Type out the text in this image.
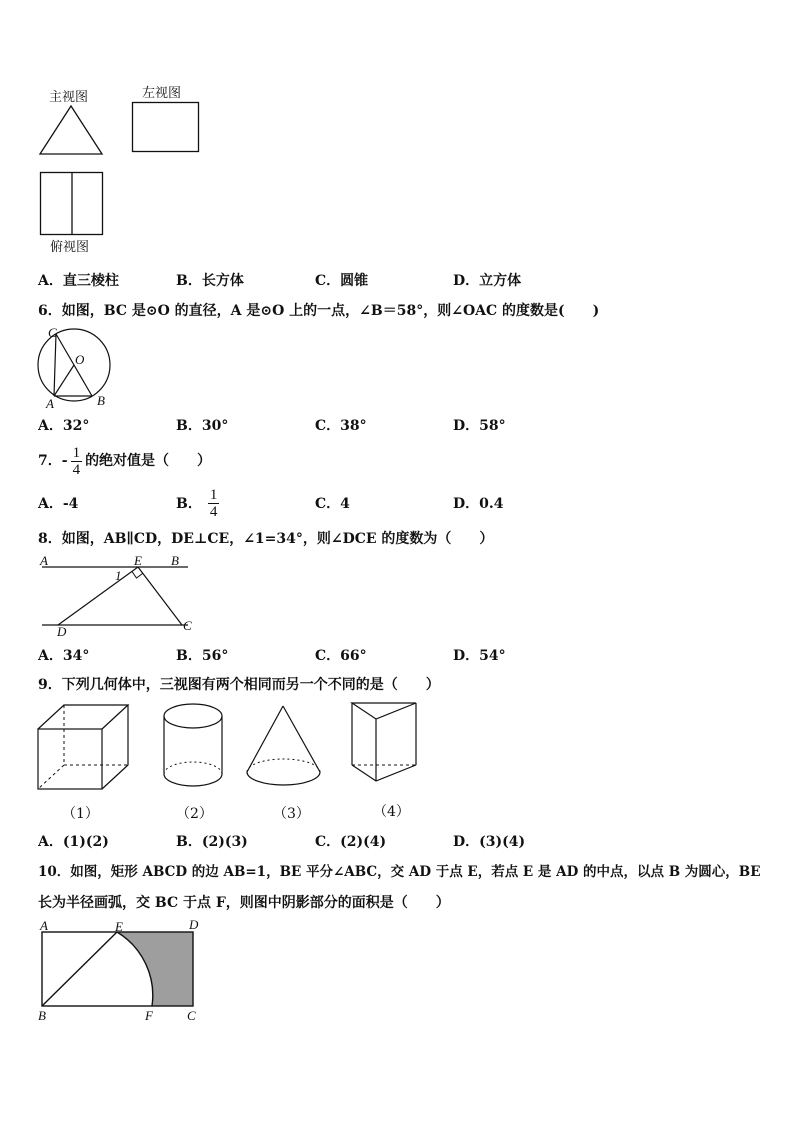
主视图	左视图
俯视图
A．直三棱柱	B．长方体	C．圆锥	D．立方体
6．如图，BC 是⊙O 的直径，A 是⊙O 上的一点，∠B＝58°，则∠OAC 的度数是(　　)
C
O
A	B
A．32°	B．30°	C．38°	D．58°
7．- $\frac{1}{4}$ 的绝对值是（　　）
A．-4	B． $\frac{1}{4}$	C．4	D．0.4
8．如图，AB∥CD，DE⊥CE，∠1=34°，则∠DCE 的度数为（　　）
A	E B
1
D	C
A．34°	B．56°	C．66°	D．54°
9．下列几何体中，三视图有两个相同而另一个不同的是（　　）
（1）	（2）	（3）	（4）
A．(1)(2)	B．(2)(3)	C．(2)(4)	D．(3)(4)
10．如图，矩形 ABCD 的边 AB=1，BE 平分∠ABC，交 AD 于点 E，若点 E 是 AD 的中点，以点 B 为圆心，BE
长为半径画弧，交 BC 于点 F，则图中阴影部分的面积是（　　）
A	E	D
B	F	C
